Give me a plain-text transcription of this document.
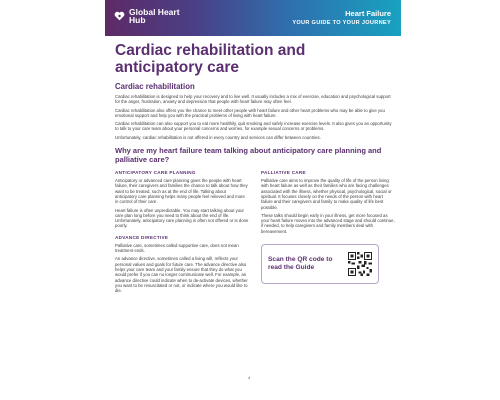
Global Heart Hub
Heart Failure
YOUR GUIDE TO YOUR JOURNEY
Cardiac rehabilitation and anticipatory care
Cardiac rehabilitation

Cardiac rehabilitation is designed to help your recovery and to live well. It usually includes a mix of exercise, education and psychological support for the anger, frustration, anxiety and depression that people with heart failure may often feel.

Cardiac rehabilitation also offers you the chance to meet other people with heart failure and other heart problems who may be able to give you emotional support and help you with the practical problems of living with heart failure.

Cardiac rehabilitation can also support you to eat more healthily, quit smoking and safely increase exercise levels. It also gives you an opportunity to talk to your care team about your personal concerns and worries, for example sexual concerns or problems.

Unfortunately, cardiac rehabilitation is not offered in every country and services can differ between countries.

Why are my heart failure team talking about anticipatory care planning and palliative care?
ANTICIPATORY CARE PLANNING

Anticipatory or advanced care planning gives the people with heart failure, their caregivers and families the chance to talk about how they want to be treated, such as at the end of life. Talking about anticipatory care planning helps many people feel relieved and more in control of their care.

Heart failure is often unpredictable. You may start talking about your care plan long before you need to think about the end of life. Unfortunately, anticipatory care planning is often not offered or is done poorly.

ADVANCE DIRECTIVE

Palliative care, sometimes called supportive care, does not mean treatment ends.

An advance directive, sometimes called a living will, reflects your personal values and goals for future care. The advance directive also helps your care team and your family ensure that they do what you would prefer if you can no longer communicate well. For example, an advance directive could indicate when to de-activate devices, whether you want to be resuscitated or not, or indicate where you would like to die.

PALLIATIVE CARE

Palliative care aims to improve the quality of life of the person living with heart failure as well as their families who are facing challenges associated with the illness, whether physical, psychological, social or spiritual. It focuses closely on the needs of the person with heart failure and their caregivers and family to make quality of life best possible.

These talks should begin early in your illness, get more focused as your heart failure moves into the advanced stage and should continue, if needed, to help caregivers and family members deal with bereavement.

Scan the QR code to read the Guide
4
